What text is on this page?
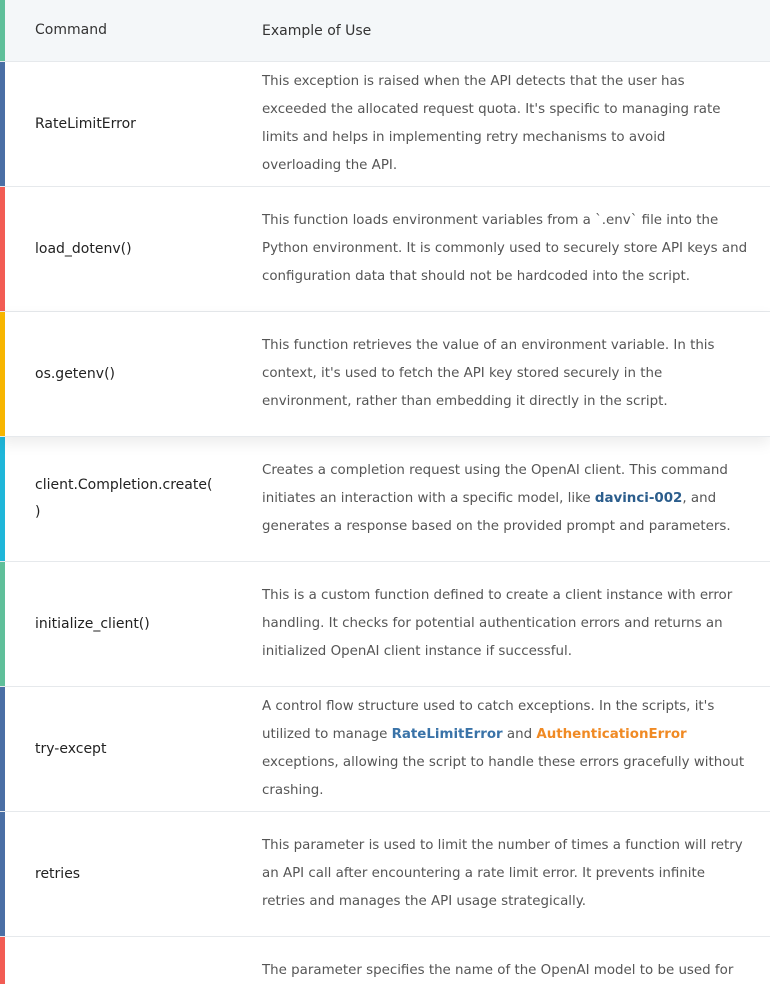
Command	Example of Use
RateLimitError
This exception is raised when the API detects that the user has exceeded the allocated request quota. It's specific to managing rate limits and helps in implementing retry mechanisms to avoid overloading the API.
load_dotenv()
This function loads environment variables from a `.env` file into the Python environment. It is commonly used to securely store API keys and configuration data that should not be hardcoded into the script.
os.getenv()
This function retrieves the value of an environment variable. In this context, it's used to fetch the API key stored securely in the environment, rather than embedding it directly in the script.
client.Completion.create( )
Creates a completion request using the OpenAI client. This command initiates an interaction with a specific model, like davinci-002, and generates a response based on the provided prompt and parameters.
initialize_client()
This is a custom function defined to create a client instance with error handling. It checks for potential authentication errors and returns an initialized OpenAI client instance if successful.
try-except
A control flow structure used to catch exceptions. In the scripts, it's utilized to manage RateLimitError and AuthenticationError exceptions, allowing the script to handle these errors gracefully without crashing.
retries
This parameter is used to limit the number of times a function will retry an API call after encountering a rate limit error. It prevents infinite retries and manages the API usage strategically.
The parameter specifies the name of the OpenAI model to be used for
